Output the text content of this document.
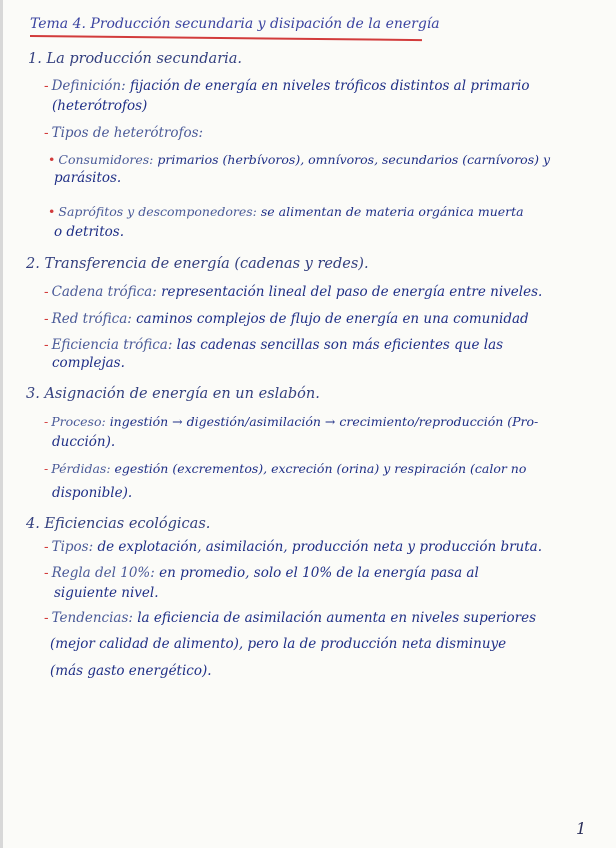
Tema 4. Producción secundaria y disipación de la energía
1. La producción secundaria.
- Definición: fijación de energía en niveles tróficos distintos al primario
(heterótrofos)
- Tipos de heterótrofos:
• Consumidores: primarios (herbívoros), omnívoros, secundarios (carnívoros) y
parásitos.
• Saprófitos y descomponedores: se alimentan de materia orgánica muerta
o detritos.
2. Transferencia de energía (cadenas y redes).
- Cadena trófica: representación lineal del paso de energía entre niveles.
- Red trófica: caminos complejos de flujo de energía en una comunidad
- Eficiencia trófica: las cadenas sencillas son más eficientes que las
complejas.
3. Asignación de energía en un eslabón.
- Proceso: ingestión → digestión/asimilación → crecimiento/reproducción (Pro-
ducción).
- Pérdidas: egestión (excrementos), excreción (orina) y respiración (calor no
disponible).
4. Eficiencias ecológicas.
- Tipos: de explotación, asimilación, producción neta y producción bruta.
- Regla del 10%: en promedio, solo el 10% de la energía pasa al
siguiente nivel.
- Tendencias: la eficiencia de asimilación aumenta en niveles superiores
(mejor calidad de alimento), pero la de producción neta disminuye
(más gasto energético).
1
